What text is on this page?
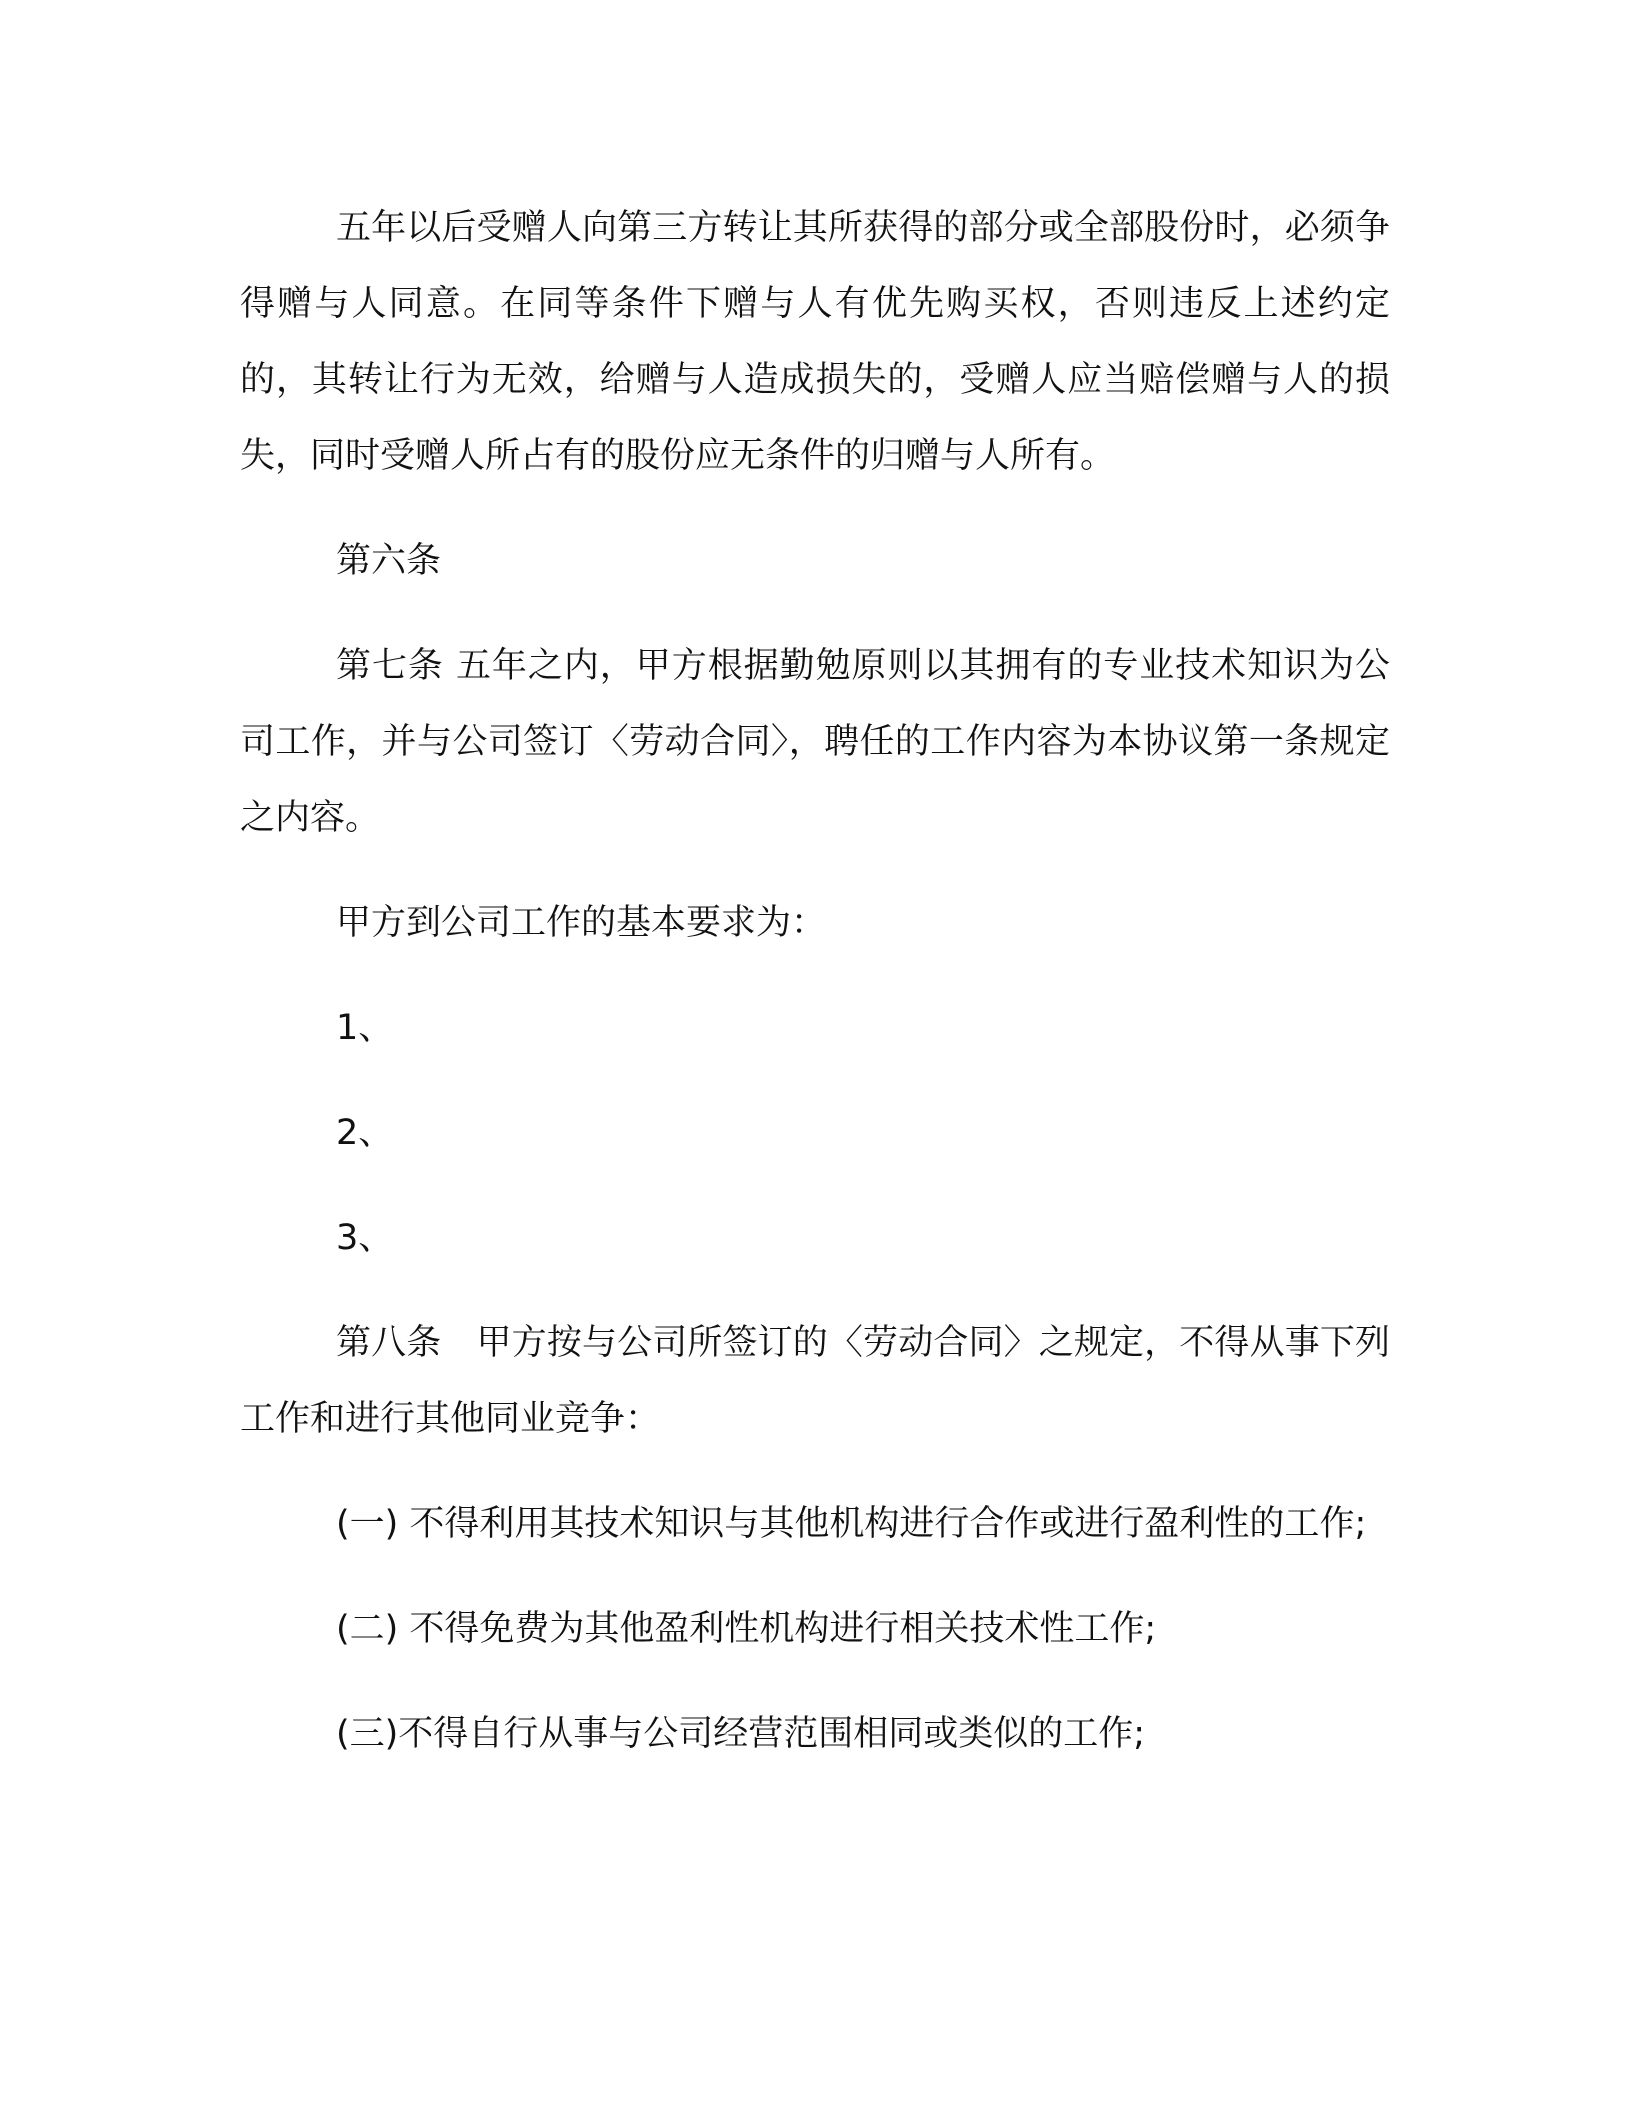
五年以后受赠人向第三方转让其所获得的部分或全部股份时，必须争得赠与人同意。在同等条件下赠与人有优先购买权，否则违反上述约定的，其转让行为无效，给赠与人造成损失的，受赠人应当赔偿赠与人的损失，同时受赠人所占有的股份应无条件的归赠与人所有。

第六条

第七条 五年之内，甲方根据勤勉原则以其拥有的专业技术知识为公司工作，并与公司签订〈劳动合同〉，聘任的工作内容为本协议第一条规定之内容。

甲方到公司工作的基本要求为：

1、

2、

3、

第八条　甲方按与公司所签订的〈劳动合同〉之规定，不得从事下列工作和进行其他同业竞争：

(一) 不得利用其技术知识与其他机构进行合作或进行盈利性的工作;

(二) 不得免费为其他盈利性机构进行相关技术性工作;

(三)不得自行从事与公司经营范围相同或类似的工作;
